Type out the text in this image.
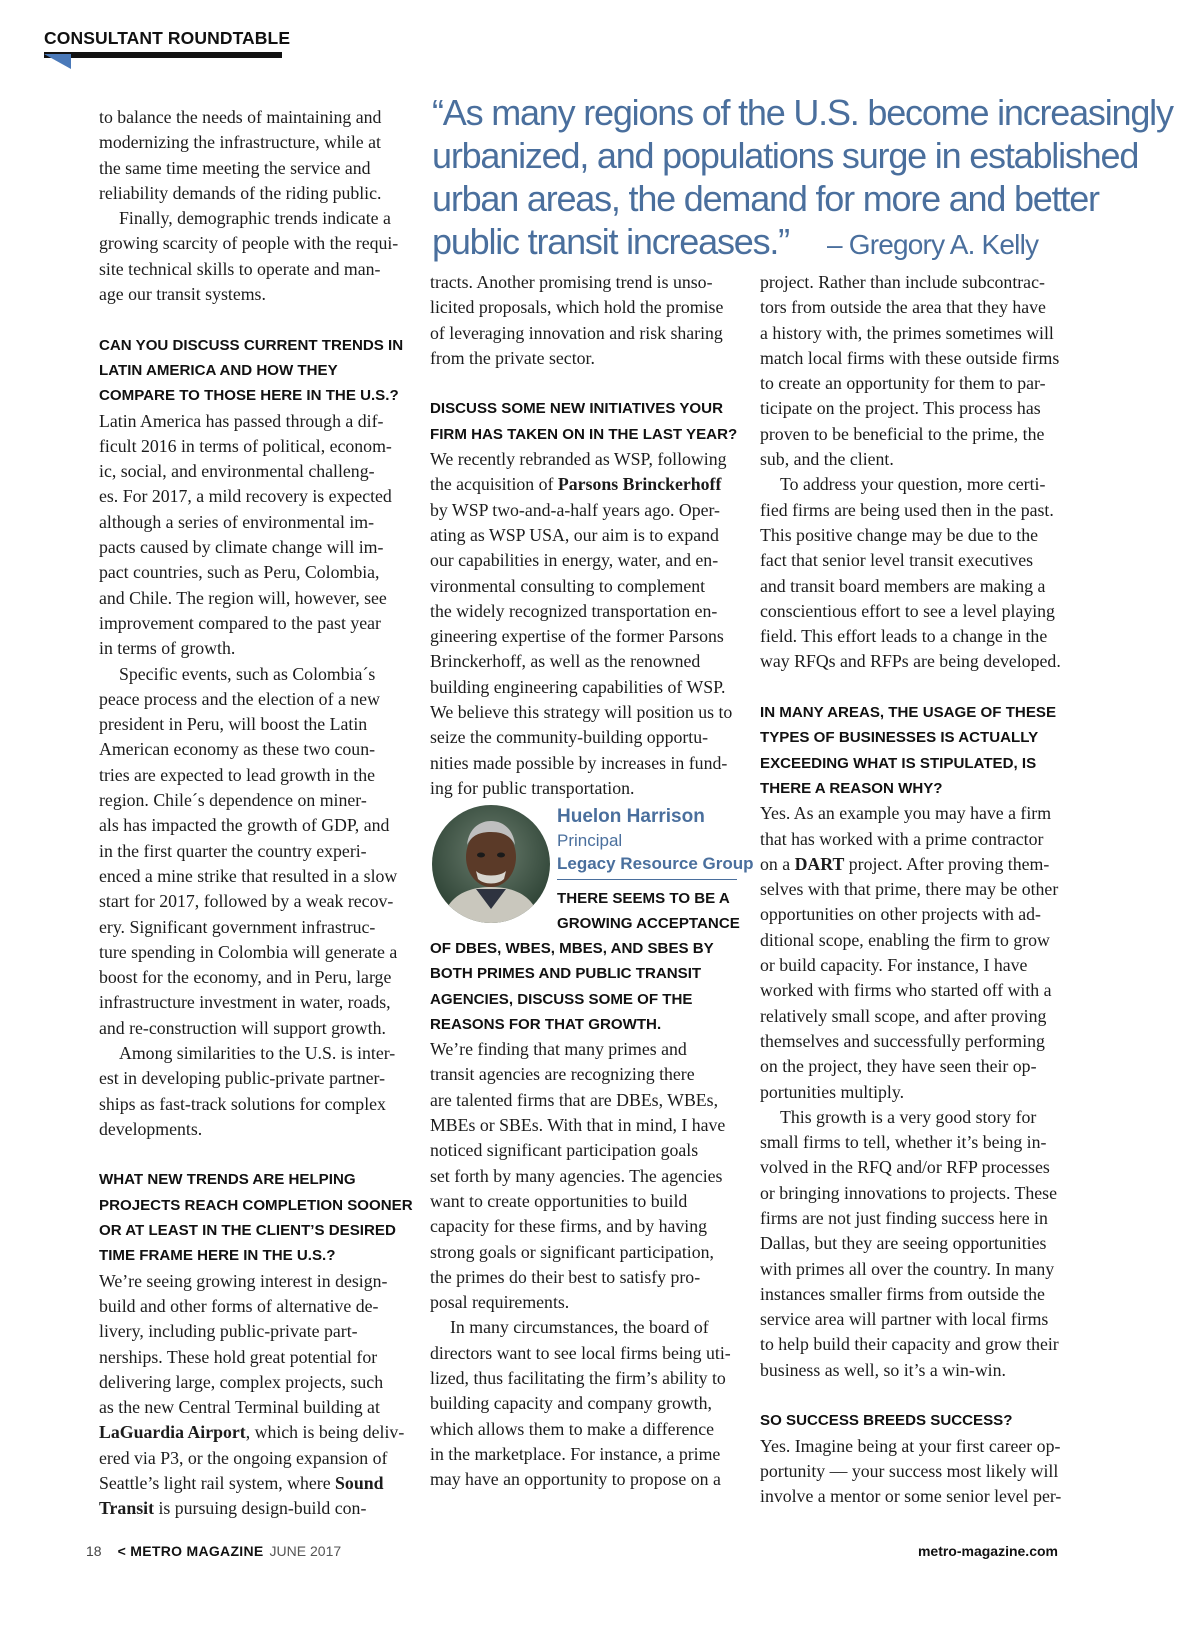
CONSULTANT ROUNDTABLE
“As many regions of the U.S. become increasingly
urbanized, and populations surge in established
urban areas, the demand for more and better
public transit increases.” – Gregory A. Kelly

to balance the needs of maintaining and

modernizing the infrastructure, while at

the same time meeting the service and

reliability demands of the riding public.

Finally, demographic trends indicate a

growing scarcity of people with the requi-

site technical skills to operate and man-

age our transit systems.

CAN YOU DISCUSS CURRENT TRENDS IN
LATIN AMERICA AND HOW THEY
COMPARE TO THOSE HERE IN THE U.S.?

Latin America has passed through a dif-

ficult 2016 in terms of political, econom-

ic, social, and environmental challeng-

es. For 2017, a mild recovery is expected

although a series of environmental im-

pacts caused by climate change will im-

pact countries, such as Peru, Colombia,

and Chile. The region will, however, see

improvement compared to the past year

in terms of growth.

Specific events, such as Colombia´s

peace process and the election of a new

president in Peru, will boost the Latin

American economy as these two coun-

tries are expected to lead growth in the

region. Chile´s dependence on miner-

als has impacted the growth of GDP, and

in the first quarter the country experi-

enced a mine strike that resulted in a slow

start for 2017, followed by a weak recov-

ery. Significant government infrastruc-

ture spending in Colombia will generate a

boost for the economy, and in Peru, large

infrastructure investment in water, roads,

and re-construction will support growth.

Among similarities to the U.S. is inter-

est in developing public-private partner-

ships as fast-track solutions for complex

developments.

WHAT NEW TRENDS ARE HELPING
PROJECTS REACH COMPLETION SOONER
OR AT LEAST IN THE CLIENT’S DESIRED
TIME FRAME HERE IN THE U.S.?

We’re seeing growing interest in design-

build and other forms of alternative de-

livery, including public-private part-

nerships. These hold great potential for

delivering large, complex projects, such

as the new Central Terminal building at

LaGuardia Airport, which is being deliv-

ered via P3, or the ongoing expansion of

Seattle’s light rail system, where Sound

Transit is pursuing design-build con-

tracts. Another promising trend is unso-

licited proposals, which hold the promise

of leveraging innovation and risk sharing

from the private sector.

DISCUSS SOME NEW INITIATIVES YOUR
FIRM HAS TAKEN ON IN THE LAST YEAR?

We recently rebranded as WSP, following

the acquisition of Parsons Brinckerhoff

by WSP two-and-a-half years ago. Oper-

ating as WSP USA, our aim is to expand

our capabilities in energy, water, and en-

vironmental consulting to complement

the widely recognized transportation en-

gineering expertise of the former Parsons

Brinckerhoff, as well as the renowned

building engineering capabilities of WSP.

We believe this strategy will position us to

seize the community-building opportu-

nities made possible by increases in fund-

ing for public transportation.

Huelon Harrison
Principal
Legacy Resource Group
THERE SEEMS TO BE A
GROWING ACCEPTANCE
OF DBES, WBES, MBES, AND SBES BY
BOTH PRIMES AND PUBLIC TRANSIT
AGENCIES, DISCUSS SOME OF THE
REASONS FOR THAT GROWTH.

We’re finding that many primes and

transit agencies are recognizing there

are talented firms that are DBEs, WBEs,

MBEs or SBEs. With that in mind, I have

noticed significant participation goals

set forth by many agencies. The agencies

want to create opportunities to build

capacity for these firms, and by having

strong goals or significant participation,

the primes do their best to satisfy pro-

posal requirements.

In many circumstances, the board of

directors want to see local firms being uti-

lized, thus facilitating the firm’s ability to

building capacity and company growth,

which allows them to make a difference

in the marketplace. For instance, a prime

may have an opportunity to propose on a

project. Rather than include subcontrac-

tors from outside the area that they have

a history with, the primes sometimes will

match local firms with these outside firms

to create an opportunity for them to par-

ticipate on the project. This process has

proven to be beneficial to the prime, the

sub, and the client.

To address your question, more certi-

fied firms are being used then in the past.

This positive change may be due to the

fact that senior level transit executives

and transit board members are making a

conscientious effort to see a level playing

field. This effort leads to a change in the

way RFQs and RFPs are being developed.

IN MANY AREAS, THE USAGE OF THESE
TYPES OF BUSINESSES IS ACTUALLY
EXCEEDING WHAT IS STIPULATED, IS
THERE A REASON WHY?

Yes. As an example you may have a firm

that has worked with a prime contractor

on a DART project. After proving them-

selves with that prime, there may be other

opportunities on other projects with ad-

ditional scope, enabling the firm to grow

or build capacity. For instance, I have

worked with firms who started off with a

relatively small scope, and after proving

themselves and successfully performing

on the project, they have seen their op-

portunities multiply.

This growth is a very good story for

small firms to tell, whether it’s being in-

volved in the RFQ and/or RFP processes

or bringing innovations to projects. These

firms are not just finding success here in

Dallas, but they are seeing opportunities

with primes all over the country. In many

instances smaller firms from outside the

service area will partner with local firms

to help build their capacity and grow their

business as well, so it’s a win-win.

SO SUCCESS BREEDS SUCCESS?

Yes. Imagine being at your first career op-

portunity — your success most likely will

involve a mentor or some senior level per-

18 < METRO MAGAZINE JUNE 2017	metro-magazine.com
